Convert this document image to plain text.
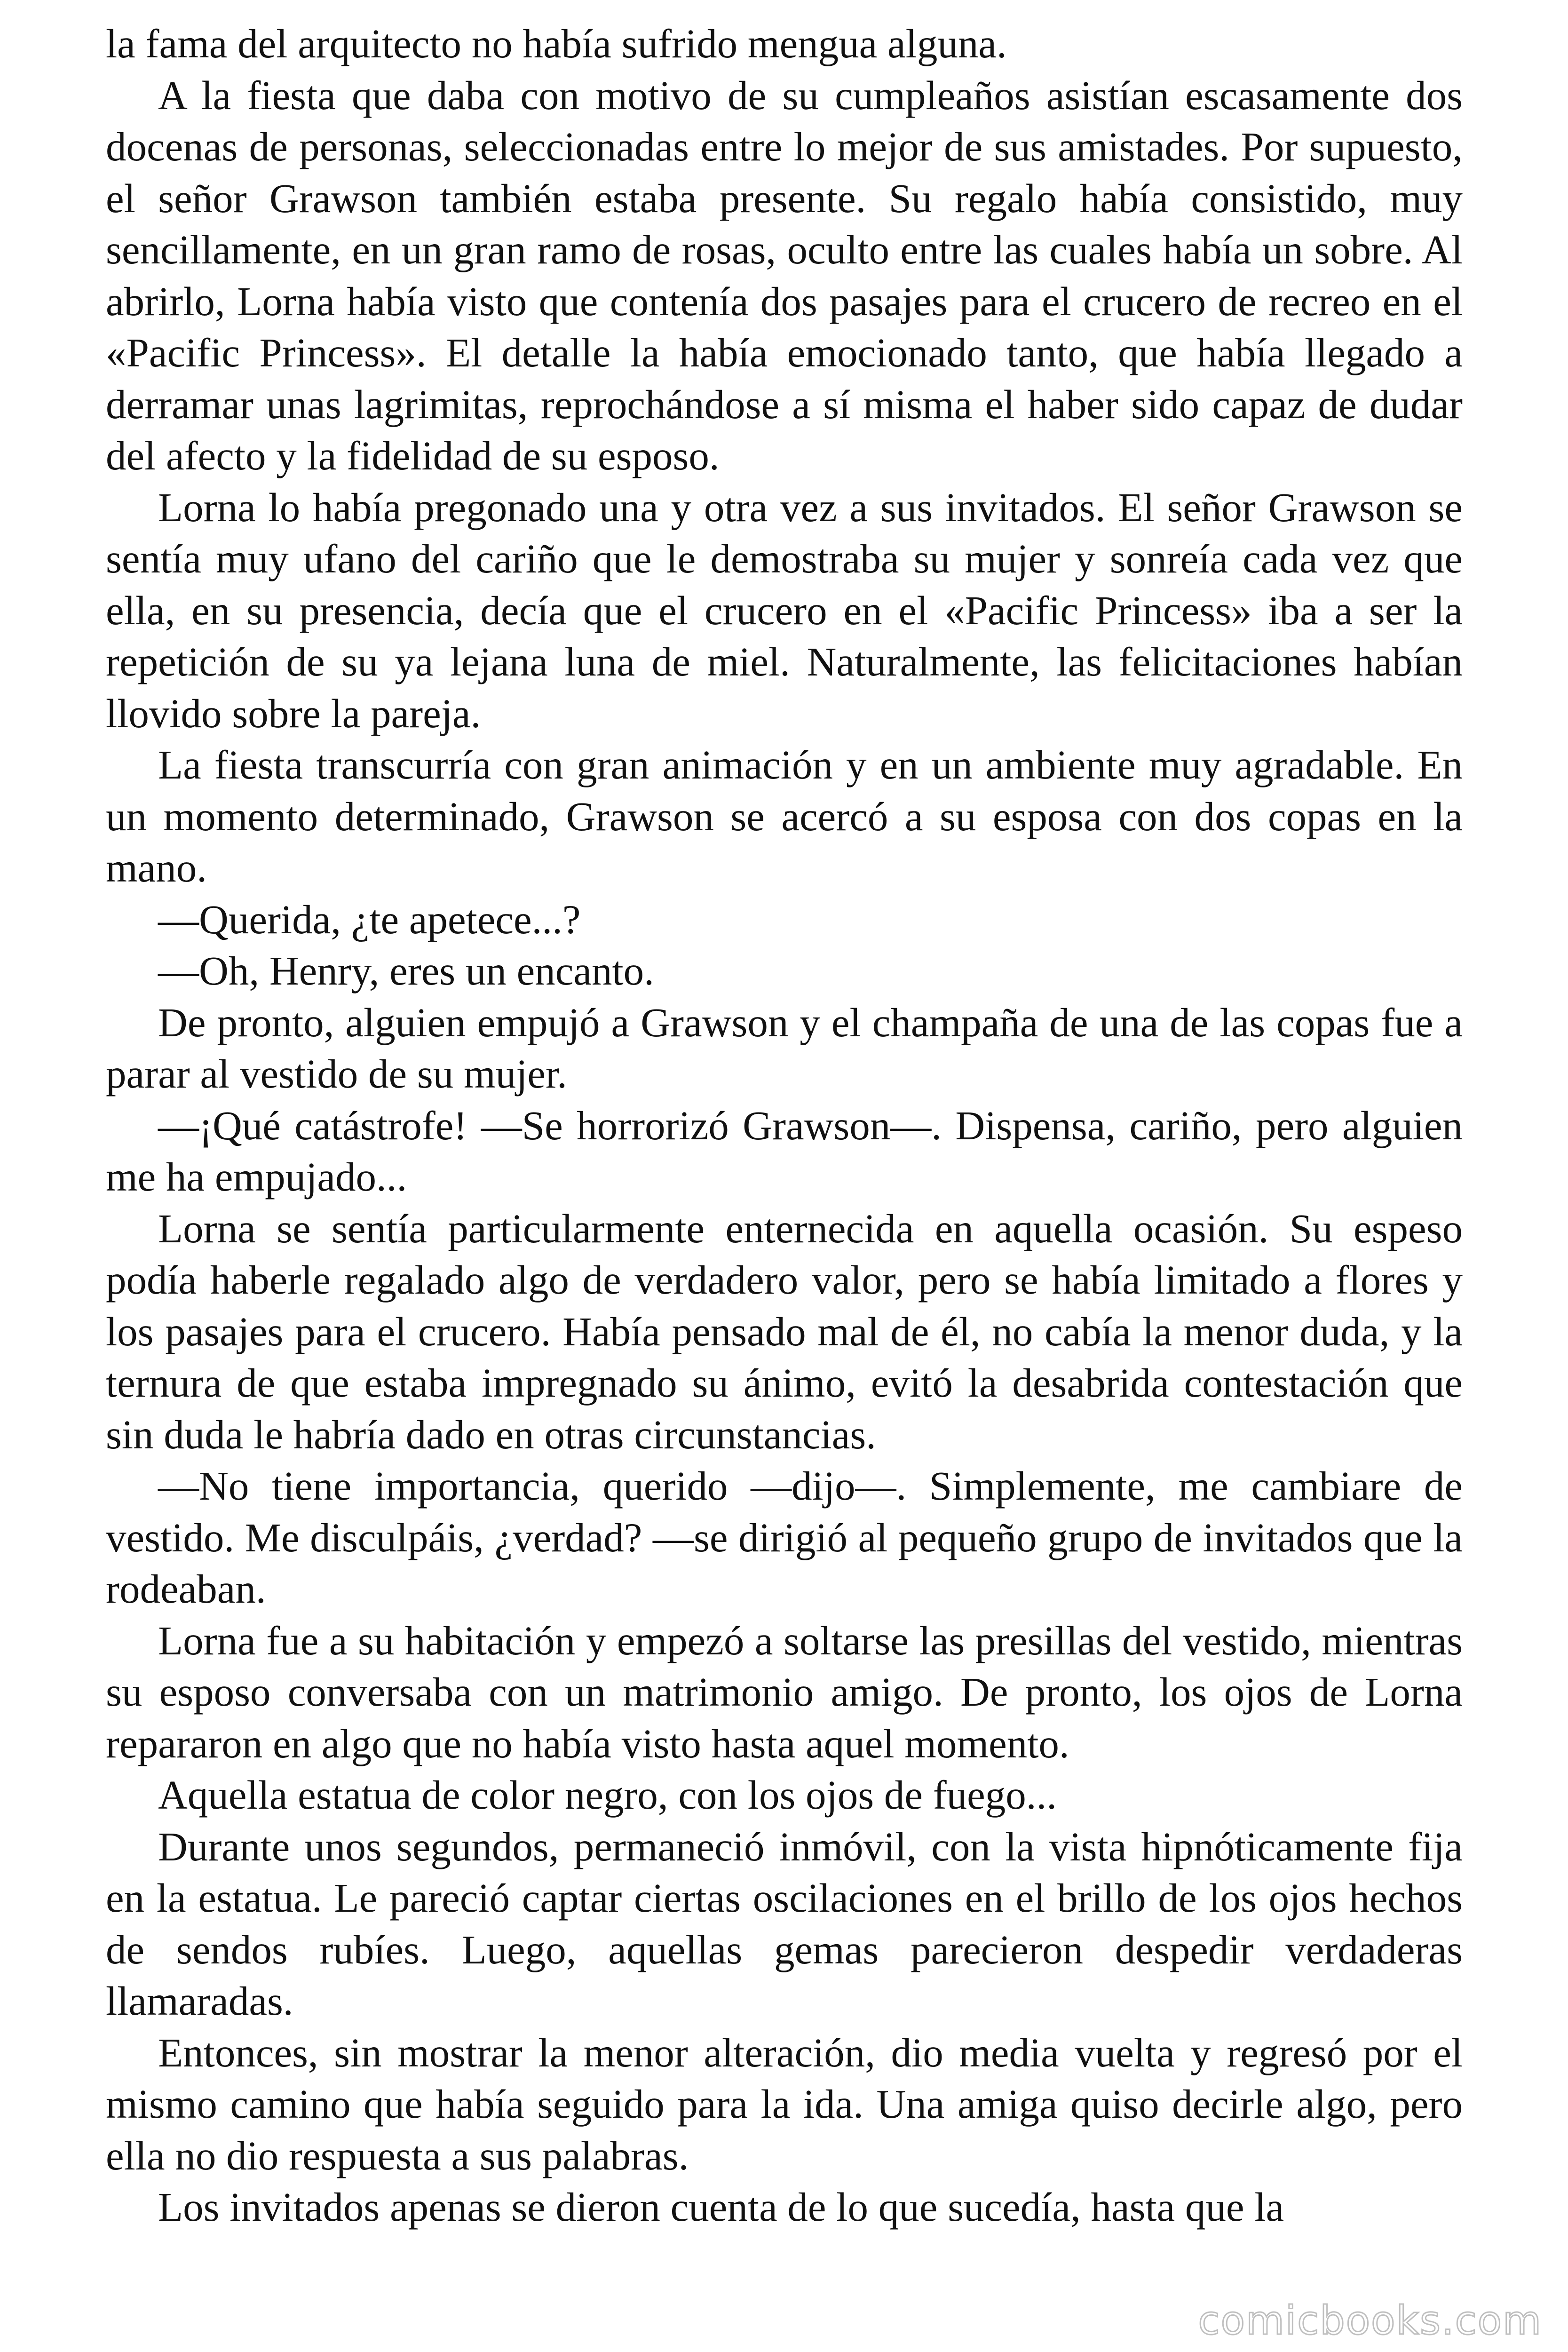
la fama del arquitecto no había sufrido mengua alguna.

A la fiesta que daba con motivo de su cumpleaños asistían escasamente dos docenas de personas, seleccionadas entre lo mejor de sus amistades. Por supuesto, el señor Grawson también estaba presente. Su regalo había consistido, muy sencillamente, en un gran ramo de rosas, oculto entre las cuales había un sobre. Al abrirlo, Lorna había visto que contenía dos pasajes para el crucero de recreo en el «Pacific Princess». El detalle la había emocionado tanto, que había llegado a derramar unas lagrimitas, reprochándose a sí misma el haber sido capaz de dudar del afecto y la fidelidad de su esposo.

Lorna lo había pregonado una y otra vez a sus invitados. El señor Grawson se sentía muy ufano del cariño que le demostraba su mujer y sonreía cada vez que ella, en su presencia, decía que el crucero en el «Pacific Princess» iba a ser la repetición de su ya lejana luna de miel. Naturalmente, las felicitaciones habían llovido sobre la pareja.

La fiesta transcurría con gran animación y en un ambiente muy agradable. En un momento determinado, Grawson se acercó a su esposa con dos copas en la mano.

—Querida, ¿te apetece...?

—Oh, Henry, eres un encanto.

De pronto, alguien empujó a Grawson y el champaña de una de las copas fue a parar al vestido de su mujer.

—¡Qué catástrofe! —Se horrorizó Grawson—. Dispensa, cariño, pero alguien me ha empujado...

Lorna se sentía particularmente enternecida en aquella ocasión. Su espeso podía haberle regalado algo de verdadero valor, pero se había limitado a flores y los pasajes para el crucero. Había pensado mal de él, no cabía la menor duda, y la ternura de que estaba impregnado su ánimo, evitó la desabrida contestación que sin duda le habría dado en otras circunstancias.

—No tiene importancia, querido —dijo—. Simplemente, me cambiare de vestido. Me disculpáis, ¿verdad? —se dirigió al pequeño grupo de invitados que la rodeaban.

Lorna fue a su habitación y empezó a soltarse las presillas del vestido, mientras su esposo conversaba con un matrimonio amigo. De pronto, los ojos de Lorna repararon en algo que no había visto hasta aquel momento.

Aquella estatua de color negro, con los ojos de fuego...

Durante unos segundos, permaneció inmóvil, con la vista hipnóticamente fija en la estatua. Le pareció captar ciertas oscilaciones en el brillo de los ojos hechos de sendos rubíes. Luego, aquellas gemas parecieron despedir verdaderas llamaradas.

Entonces, sin mostrar la menor alteración, dio media vuelta y regresó por el mismo camino que había seguido para la ida. Una amiga quiso decirle algo, pero ella no dio respuesta a sus palabras.

Los invitados apenas se dieron cuenta de lo que sucedía, hasta que la

comicbooks.com
